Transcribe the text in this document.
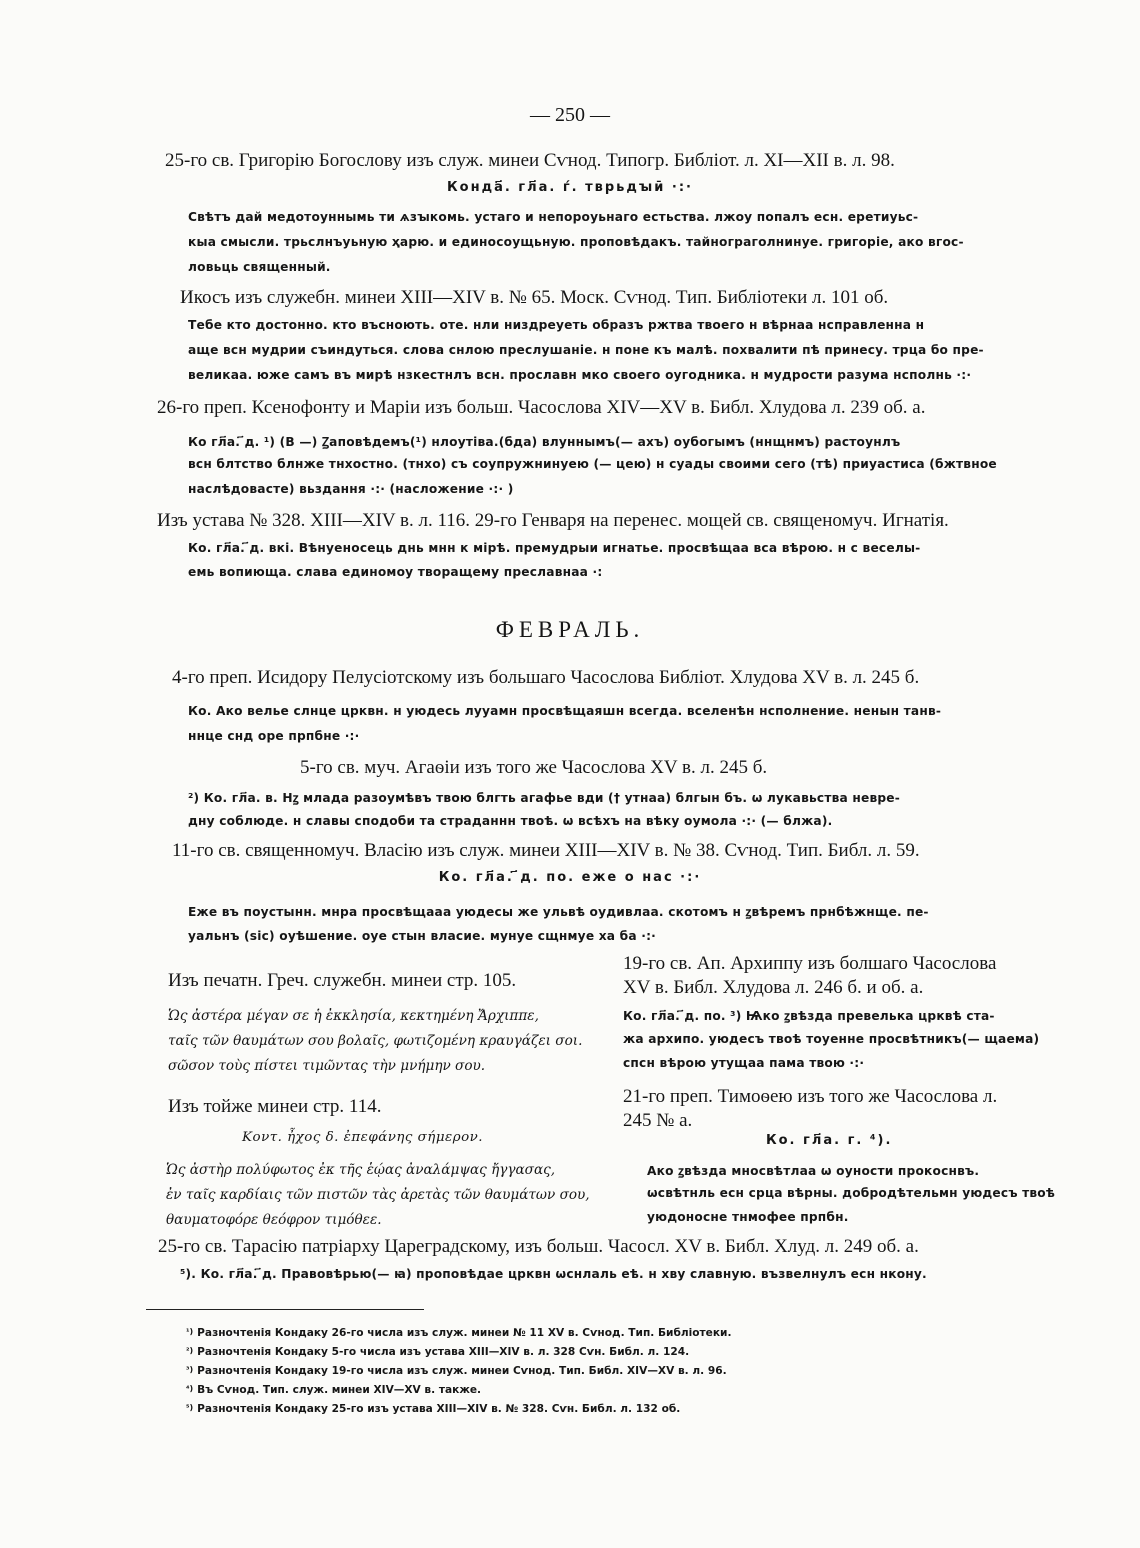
— 250 —
25-го св. Григорію Богослову изъ служ. минеи Сѵнод. Типогр. Библіот. л. XI—XII в. л. 98.
Конда҃. гл҃а. ѓ. тврьдꙑӣ ·:·
Свѣтъ дай медотоуннымь ти ѧзꙑкомь. устаго и непороуьнаго естьства. лжоу попалъ есн. еретиуьс-
кыа смысли. трьслнъуьную ҳарю. и единосоущьную. проповѣдакъ. тайнограголнинуе. григоріе, ако вгос-
ловьць священный.
Икосъ изъ служебн. минеи XIII—XIV в. № 65. Моск. Сѵнод. Тип. Библіотеки л. 101 об.
Тебе кто достонно. кто въсноють. оте. нли низдреуеть образъ ржтва твоего н вѣрнаа нсправленна н
аще всн мудрии съиндуться. слова снлою преслушаніе. н поне къ малѣ. похвалити пѣ принесу. трца бо пре-
великаа. юже самъ въ мирѣ нзкестнлъ всн. прославн мко своего оугодника. н мудрости разума нсполнь ·:·
26-го преп. Ксенофонту и Маріи изъ больш. Часослова XIV—XV в. Библ. Хлудова л. 239 об. а.
Ко гл҃а. ҃д. ¹) (В —) Ꙁаповѣдемъ(¹) нлоутіва.(бда) влуннымъ(— ахъ) оубогымъ (ннщнмъ) растоунлъ
всн блтство блнже тнхостно. (тнхо) съ соупружнинуею (— цею) н суады своими сего (тѣ) приуастиса (бжтвное
наслѣдовасте) вьздання ·:· (насложение ·:· )
Изъ устава № 328. XIII—XIV в. л. 116. 29-го Генваря на перенес. мощей св. священомуч. Игнатія.
Ко. гл҃а. ҃д. вкі. Вѣнуеносець днь мнн к мірѣ. премудрыи игнатье. просвѣщаа вса вѣрою. н с веселы-
емь вопиюща. слава единомоу творащему преславнаа ·:
ФЕВРАЛЬ.
4-го преп. Исидору Пелусіотскому изъ большаго Часослова Библіот. Хлудова XV в. л. 245 б.
Ко. Ако велье слнце црквн. н уюдесь лууамн просвѣщаяшн всегда. вселенѣн нсполнение. ненын танв-
ннце снд оре прпбне ·:·
5-го св. муч. Агаѳіи изъ того же Часослова XV в. л. 245 б.
²) Ко. гл҃а. в. Нꙁ млада разоумѣвъ твою блгть агафье вди († утнаа) блгын бъ. ѡ лукавьства невре-
дну соблюде. н славы сподоби та страданнн твоѣ. ѡ всѣхъ на вѣку оумола ·:· (— блжа).
11-го св. священномуч. Власію изъ служ. минеи XIII—XIV в. № 38. Сѵнод. Тип. Библ. л. 59.
Ко. гл҃а. ҃д. по. еже о нас ·:·
Еже въ поустынн. мнра просвѣщааа уюдесы же ульвѣ оудивлаа. скотомъ н ꙁвѣремъ прнбѣжнще. пе-
уальнъ (sic) оуѣшение. оуе стын власие. мунуе сщнмуе ха ба ·:·
Изъ печатн. Греч. служебн. минеи стр. 105.
Ὡς ἀστέρα μέγαν σε ἡ ἐκκλησία, κεκτημένη Ἄρχιππε,
ταῖς τῶν θαυμάτων σου βολαῖς, φωτιζομένη κραυγάζει σοι.
σῶσον τοὺς πίστει τιμῶντας τὴν μνήμην σου.
Изъ тойже минеи стр. 114.
Κοντ. ἦχος δ. ἐπεφάνης σήμερον.
Ὡς ἀστὴρ πολύφωτος ἐκ τῆς ἑῴας ἀναλάμψας ἤγγασας,
ἐν ταῖς καρδίαις τῶν πιστῶν τὰς ἀρετὰς τῶν θαυμάτων σου,
θαυματοφόρε θεόφρον τιμόθεε.
19-го св. Ап. Архиппу изъ болшаго Часослова
XV в. Библ. Хлудова л. 246 б. и об. а.
Ко. гл҃а. ҃д. по. ³) Ѩко ꙁвѣзда превелька црквѣ ста-
жа архипо. уюдесъ твоѣ тоуенне просвѣтникъ(— щаема)
спсн вѣрою утущаа пама твою ·:·
21-го преп. Тимоѳею изъ того же Часослова л.
245 № а.
Ко. гл҃а. г. ⁴).
Ако ꙁвѣзда мносвѣтлаа ѡ оуности прокоснвъ.
ѡсвѣтнль есн срца вѣрны. добродѣтельмн уюдесъ твоѣ
уюдоносне тнмофее прпбн.
25-го св. Тарасію патріарху Цареградскому, изъ больш. Часосл. XV в. Библ. Хлуд. л. 249 об. а.
⁵). Ко. гл҃а. ҃д. Правовѣрью(— ꙗ) проповѣдае црквн ѡснлаль еѣ. н хву славную. възвелнулъ есн нкону.
¹) Разночтенія Кондаку 26-го числа изъ служ. минеи № 11 XV в. Сѵнод. Тип. Библіотеки.
²) Разночтенія Кондаку 5-го числа изъ устава XIII—XIV в. л. 328 Сѵн. Библ. л. 124.
³) Разночтенія Кондаку 19-го числа изъ служ. минеи Сѵнод. Тип. Библ. XIV—XV в. л. 96.
⁴) Въ Сѵнод. Тип. служ. минеи XIV—XV в. также.
⁵) Разночтенія Кондаку 25-го изъ устава XIII—XIV в. № 328. Сѵн. Библ. л. 132 об.
